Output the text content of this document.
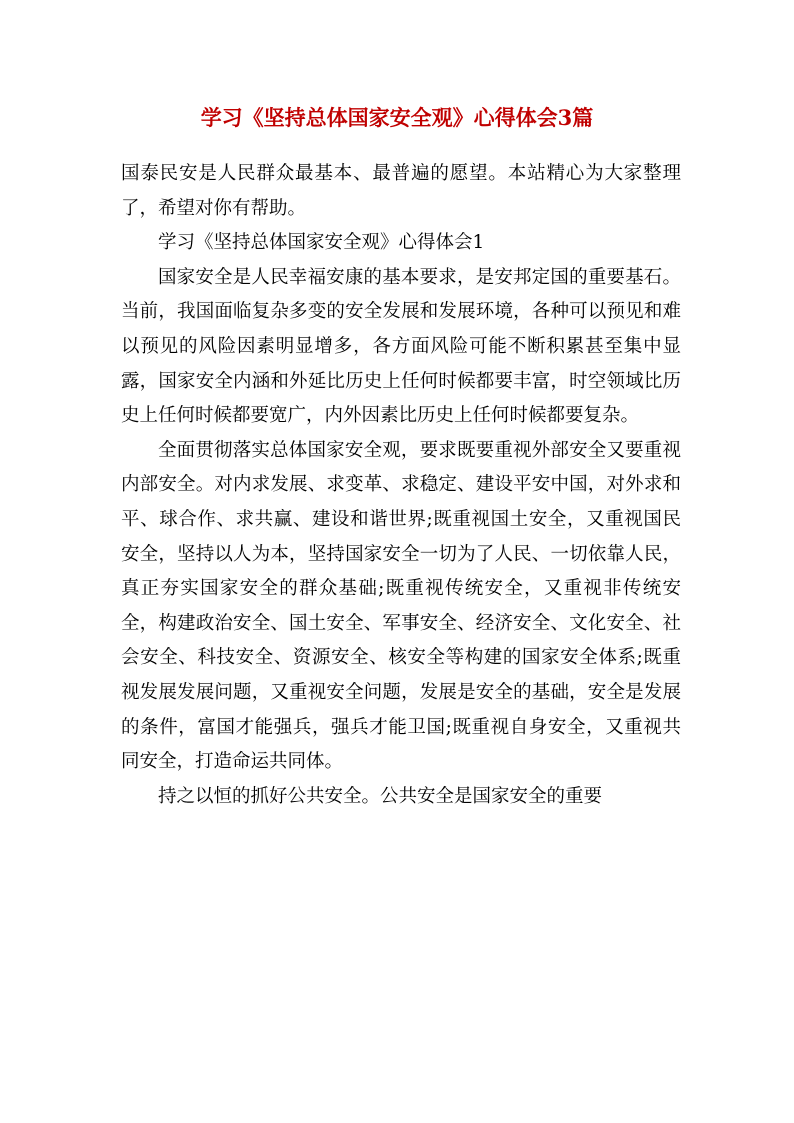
学习《坚持总体国家安全观》心得体会3篇

国泰民安是人民群众最基本、最普遍的愿望。本站精心为大家整理了，希望对你有帮助。

学习《坚持总体国家安全观》心得体会1

国家安全是人民幸福安康的基本要求，是安邦定国的重要基石。当前，我国面临复杂多变的安全发展和发展环境，各种可以预见和难以预见的风险因素明显增多，各方面风险可能不断积累甚至集中显露，国家安全内涵和外延比历史上任何时候都要丰富，时空领域比历史上任何时候都要宽广，内外因素比历史上任何时候都要复杂。

全面贯彻落实总体国家安全观，要求既要重视外部安全又要重视内部安全。对内求发展、求变革、求稳定、建设平安中国，对外求和平、球合作、求共赢、建设和谐世界;既重视国土安全，又重视国民安全，坚持以人为本，坚持国家安全一切为了人民、一切依靠人民，真正夯实国家安全的群众基础;既重视传统安全，又重视非传统安全，构建政治安全、国土安全、军事安全、经济安全、文化安全、社会安全、科技安全、资源安全、核安全等构建的国家安全体系;既重视发展发展问题，又重视安全问题，发展是安全的基础，安全是发展的条件，富国才能强兵，强兵才能卫国;既重视自身安全，又重视共同安全，打造命运共同体。

持之以恒的抓好公共安全。公共安全是国家安全的重要
